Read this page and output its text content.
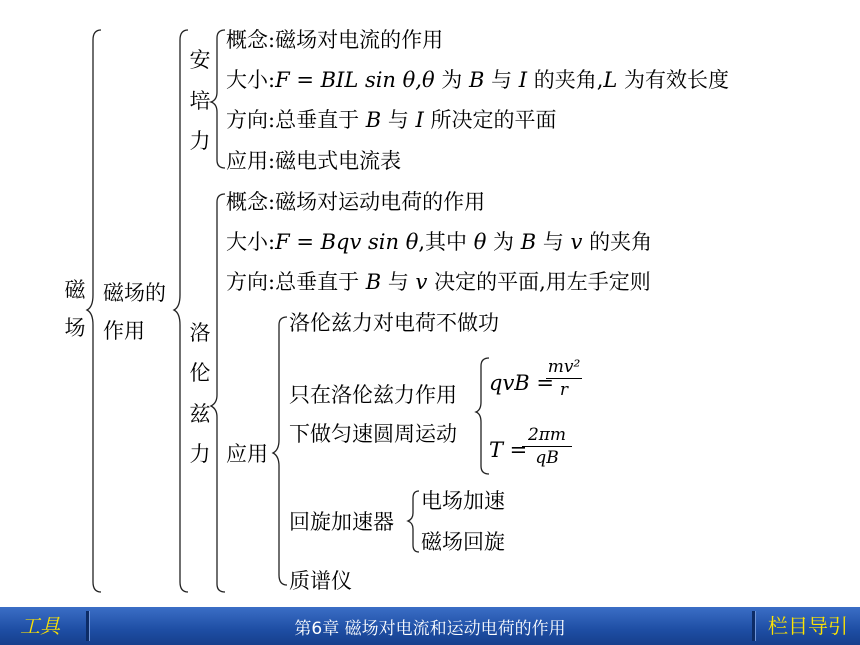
磁
场
磁场的
作用
安
培
力
概念:磁场对电流的作用
大小:F = BIL sin θ,θ 为 B 与 I 的夹角,L 为有效长度
方向:总垂直于 B 与 I 所决定的平面
应用:磁电式电流表
洛
伦
兹
力
概念:磁场对运动电荷的作用
大小:F = Bqv sin θ,其中 θ 为 B 与 v 的夹角
方向:总垂直于 B 与 v 决定的平面,用左手定则
应用
洛伦兹力对电荷不做功
只在洛伦兹力作用
下做匀速圆周运动
qvB =
mv²
r
T =
2πm
qB
回旋加速器
电场加速
磁场回旋
质谱仪
工具	第6章 磁场对电流和运动电荷的作用	栏目导引
